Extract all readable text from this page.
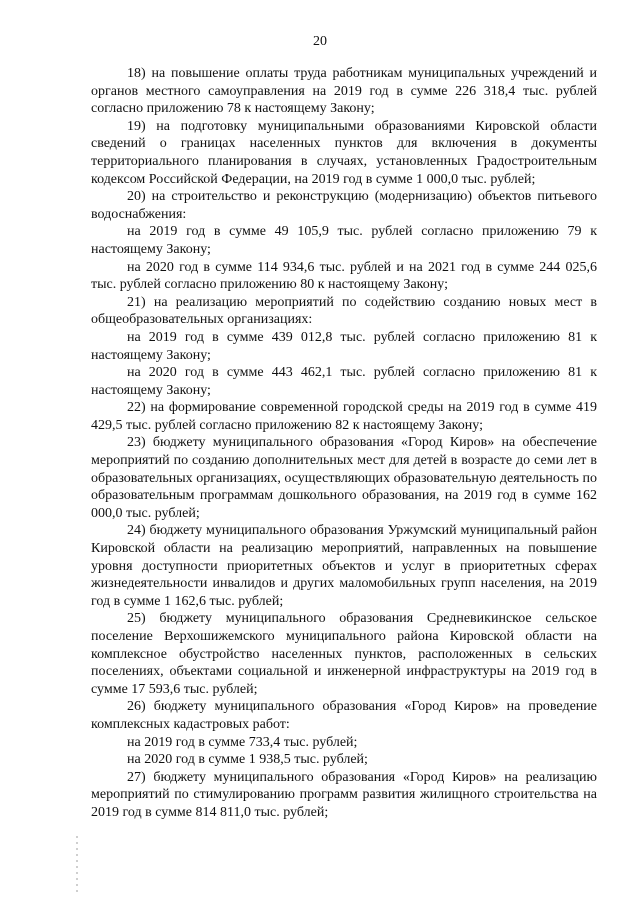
20

18) на повышение оплаты труда работникам муниципальных учреждений и органов местного самоуправления на 2019 год в сумме 226 318,4 тыс. рублей согласно приложению 78 к настоящему Закону;

19) на подготовку муниципальными образованиями Кировской области сведений о границах населенных пунктов для включения в документы территориального планирования в случаях, установленных Градостроительным кодексом Российской Федерации, на 2019 год в сумме 1 000,0 тыс. рублей;

20) на строительство и реконструкцию (модернизацию) объектов питьевого водоснабжения:

на 2019 год в сумме 49 105,9 тыс. рублей согласно приложению 79 к настоящему Закону;

на 2020 год в сумме 114 934,6 тыс. рублей и на 2021 год в сумме 244 025,6 тыс. рублей согласно приложению 80 к настоящему Закону;

21) на реализацию мероприятий по содействию созданию новых мест в общеобразовательных организациях:

на 2019 год в сумме 439 012,8 тыс. рублей согласно приложению 81 к настоящему Закону;

на 2020 год в сумме 443 462,1 тыс. рублей согласно приложению 81 к настоящему Закону;

22) на формирование современной городской среды на 2019 год в сумме 419 429,5 тыс. рублей согласно приложению 82 к настоящему Закону;

23) бюджету муниципального образования «Город Киров» на обеспечение мероприятий по созданию дополнительных мест для детей в возрасте до семи лет в образовательных организациях, осуществляющих образовательную деятельность по образовательным программам дошкольного образования, на 2019 год в сумме 162 000,0 тыс. рублей;

24) бюджету муниципального образования Уржумский муниципальный район Кировской области на реализацию мероприятий, направленных на повышение уровня доступности приоритетных объектов и услуг в приоритетных сферах жизнедеятельности инвалидов и других маломобильных групп населения, на 2019 год в сумме 1 162,6 тыс. рублей;

25) бюджету муниципального образования Средневикинское сельское поселение Верхошижемского муниципального района Кировской области на комплексное обустройство населенных пунктов, расположенных в сельских поселениях, объектами социальной и инженерной инфраструктуры на 2019 год в сумме 17 593,6 тыс. рублей;

26) бюджету муниципального образования «Город Киров» на проведение комплексных кадастровых работ:

на 2019 год в сумме 733,4 тыс. рублей;

на 2020 год в сумме 1 938,5 тыс. рублей;

27) бюджету муниципального образования «Город Киров» на реализацию мероприятий по стимулированию программ развития жилищного строительства на 2019 год в сумме 814 811,0 тыс. рублей;
